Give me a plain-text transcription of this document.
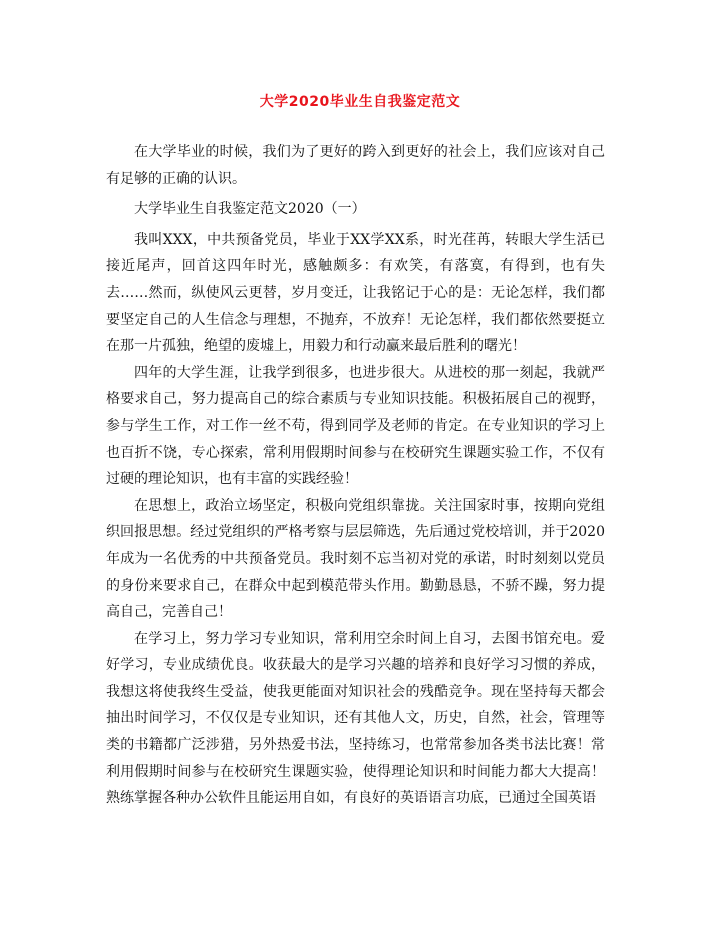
大学2020毕业生自我鉴定范文

在大学毕业的时候，我们为了更好的跨入到更好的社会上，我们应该对自己有足够的正确的认识。

大学毕业生自我鉴定范文2020（一）

我叫XXX，中共预备党员，毕业于XX学XX系，时光荏苒，转眼大学生活已接近尾声，回首这四年时光，感触颇多：有欢笑，有落寞，有得到，也有失去……然而，纵使风云更替，岁月变迁，让我铭记于心的是：无论怎样，我们都要坚定自己的人生信念与理想，不抛弃，不放弃！无论怎样，我们都依然要挺立在那一片孤独，绝望的废墟上，用毅力和行动赢来最后胜利的曙光！

四年的大学生涯，让我学到很多，也进步很大。从进校的那一刻起，我就严格要求自己，努力提高自己的综合素质与专业知识技能。积极拓展自己的视野，参与学生工作，对工作一丝不苟，得到同学及老师的肯定。在专业知识的学习上也百折不饶，专心探索，常利用假期时间参与在校研究生课题实验工作，不仅有过硬的理论知识，也有丰富的实践经验！

在思想上，政治立场坚定，积极向党组织靠拢。关注国家时事，按期向党组织回报思想。经过党组织的严格考察与层层筛选，先后通过党校培训，并于2020年成为一名优秀的中共预备党员。我时刻不忘当初对党的承诺，时时刻刻以党员的身份来要求自己，在群众中起到模范带头作用。勤勤恳恳，不骄不躁，努力提高自己，完善自己！

在学习上，努力学习专业知识，常利用空余时间上自习，去图书馆充电。爱好学习，专业成绩优良。收获最大的是学习兴趣的培养和良好学习习惯的养成，我想这将使我终生受益，使我更能面对知识社会的残酷竞争。现在坚持每天都会抽出时间学习，不仅仅是专业知识，还有其他人文，历史，自然，社会，管理等类的书籍都广泛涉猎，另外热爱书法，坚持练习，也常常参加各类书法比赛！常利用假期时间参与在校研究生课题实验，使得理论知识和时间能力都大大提高！熟练掌握各种办公软件且能运用自如，有良好的英语语言功底，已通过全国英语
